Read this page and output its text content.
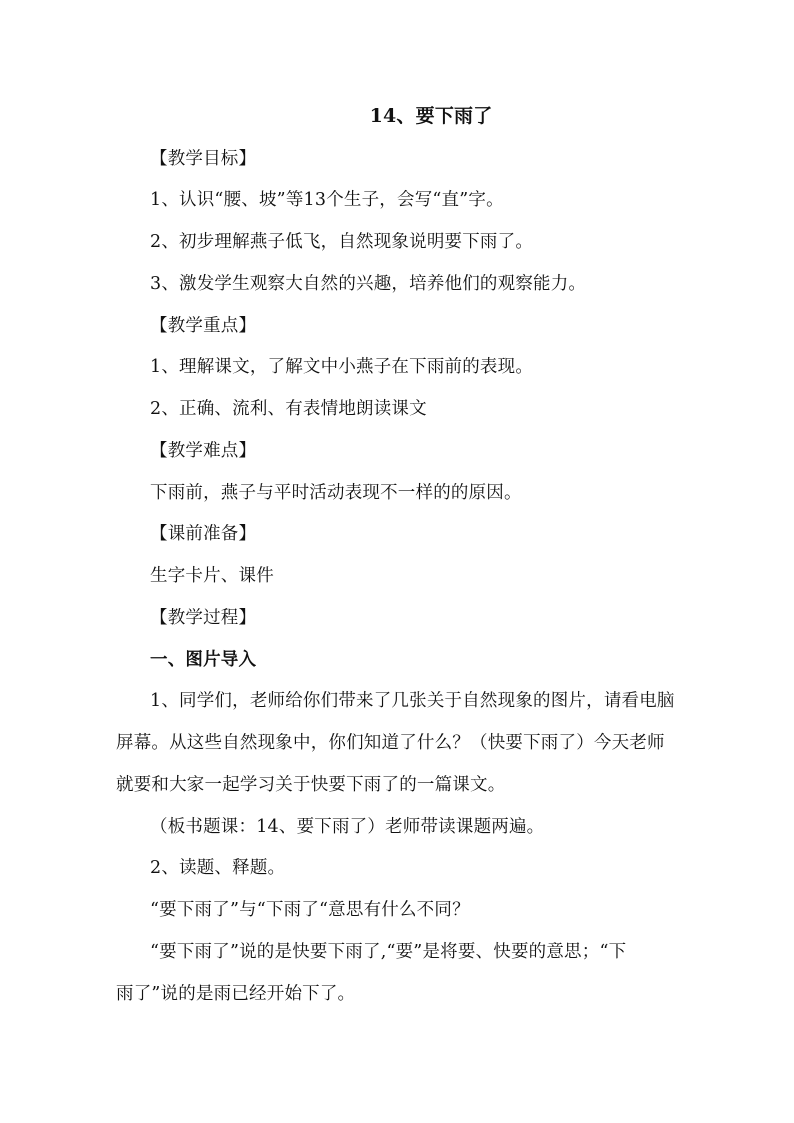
14、要下雨了
【教学目标】
1、认识“腰、坡”等13个生子，会写“直”字。
2、初步理解燕子低飞，自然现象说明要下雨了。
3、激发学生观察大自然的兴趣，培养他们的观察能力。
【教学重点】
1、理解课文，了解文中小燕子在下雨前的表现。
2、正确、流利、有表情地朗读课文
【教学难点】
下雨前，燕子与平时活动表现不一样的的原因。
【课前准备】
生字卡片、课件
【教学过程】
一、图片导入
1、同学们，老师给你们带来了几张关于自然现象的图片，请看电脑
屏幕。从这些自然现象中，你们知道了什么？（快要下雨了）今天老师
就要和大家一起学习关于快要下雨了的一篇课文。
（板书题课：14、要下雨了）老师带读课题两遍。
2、读题、释题。
“要下雨了”与“下雨了“意思有什么不同？
“要下雨了”说的是快要下雨了,“要”是将要、快要的意思；“下
雨了”说的是雨已经开始下了。
